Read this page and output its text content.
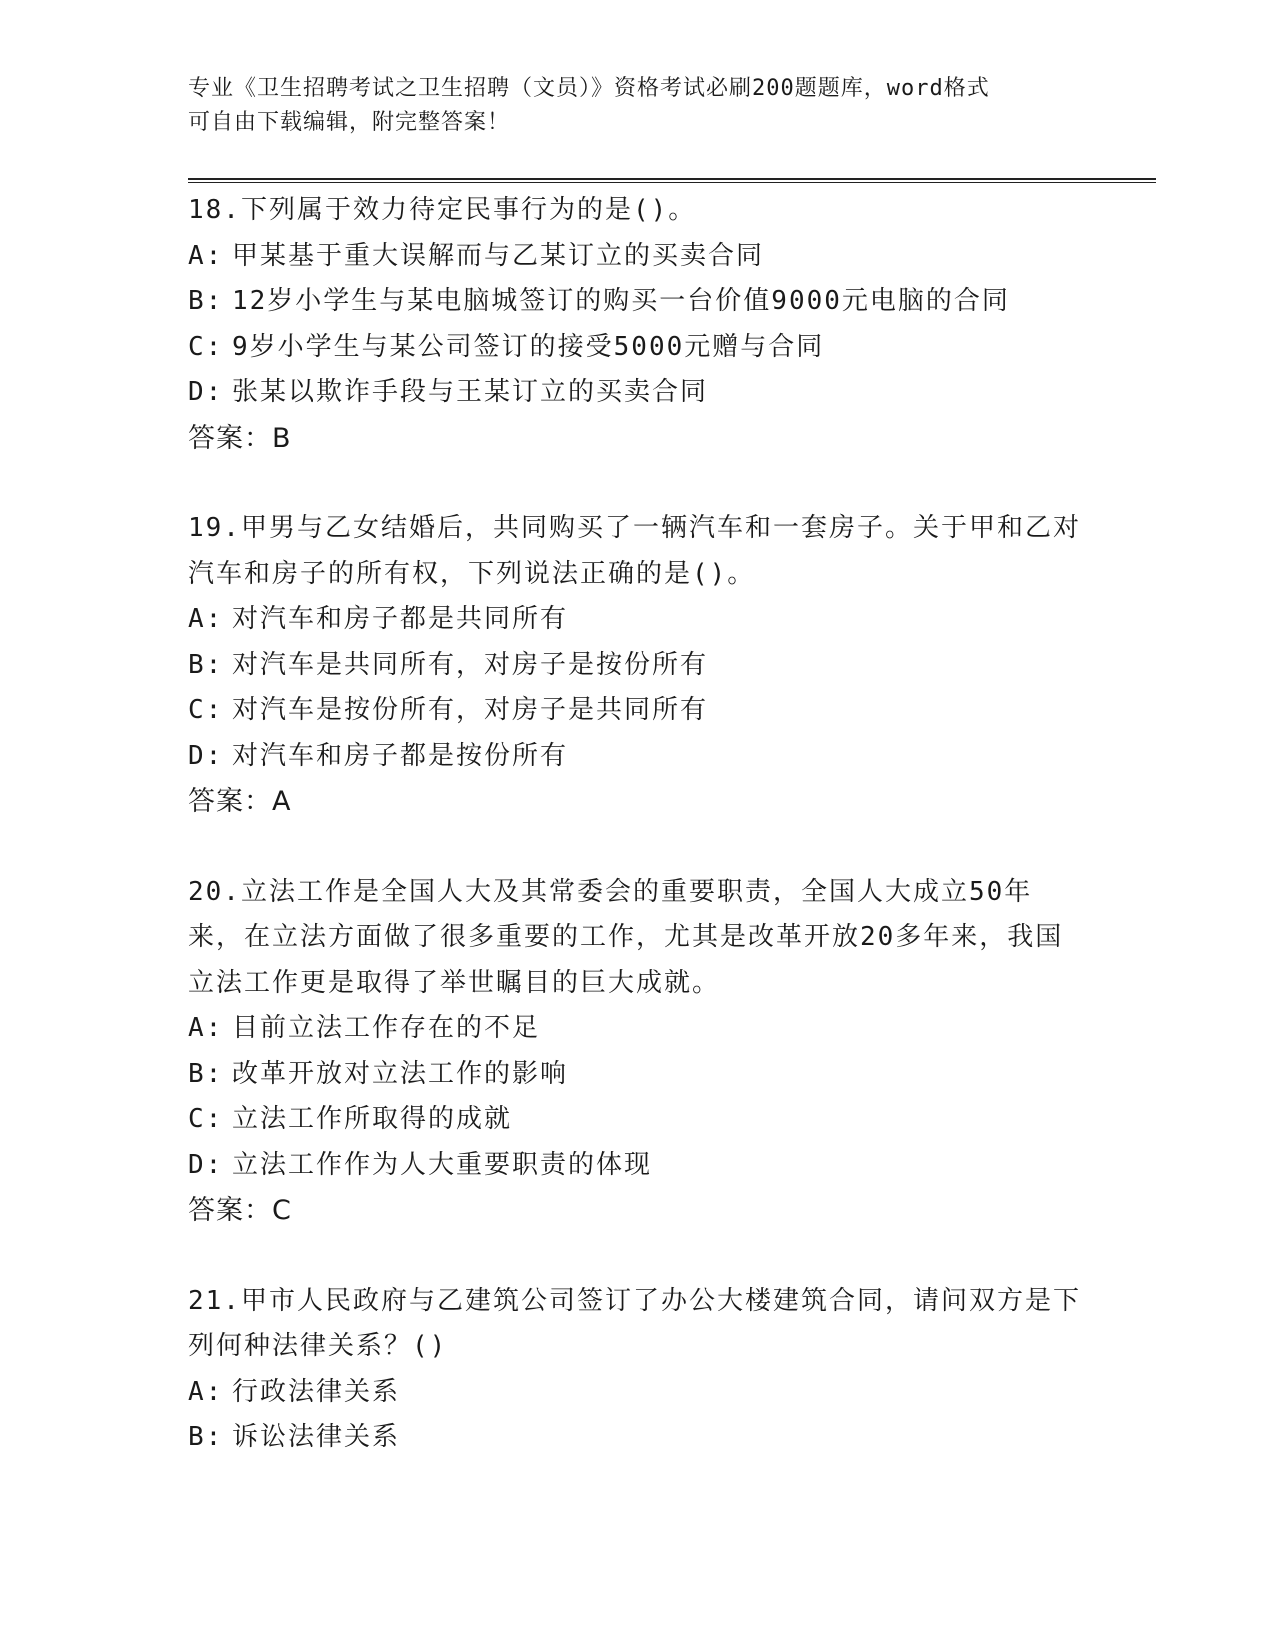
专业《卫生招聘考试之卫生招聘（文员）》资格考试必刷200题题库，word格式
可自由下载编辑，附完整答案！

18.下列属于效力待定民事行为的是()。

A: 甲某基于重大误解而与乙某订立的买卖合同

B: 12岁小学生与某电脑城签订的购买一台价值9000元电脑的合同

C: 9岁小学生与某公司签订的接受5000元赠与合同

D: 张某以欺诈手段与王某订立的买卖合同

答案：B

19.甲男与乙女结婚后，共同购买了一辆汽车和一套房子。关于甲和乙对汽车和房子的所有权，下列说法正确的是()。

A: 对汽车和房子都是共同所有

B: 对汽车是共同所有，对房子是按份所有

C: 对汽车是按份所有，对房子是共同所有

D: 对汽车和房子都是按份所有

答案：A

20.立法工作是全国人大及其常委会的重要职责，全国人大成立50年来，在立法方面做了很多重要的工作，尤其是改革开放20多年来，我国立法工作更是取得了举世瞩目的巨大成就。

A: 目前立法工作存在的不足

B: 改革开放对立法工作的影响

C: 立法工作所取得的成就

D: 立法工作作为人大重要职责的体现

答案：C

21.甲市人民政府与乙建筑公司签订了办公大楼建筑合同，请问双方是下列何种法律关系？()

A: 行政法律关系

B: 诉讼法律关系
